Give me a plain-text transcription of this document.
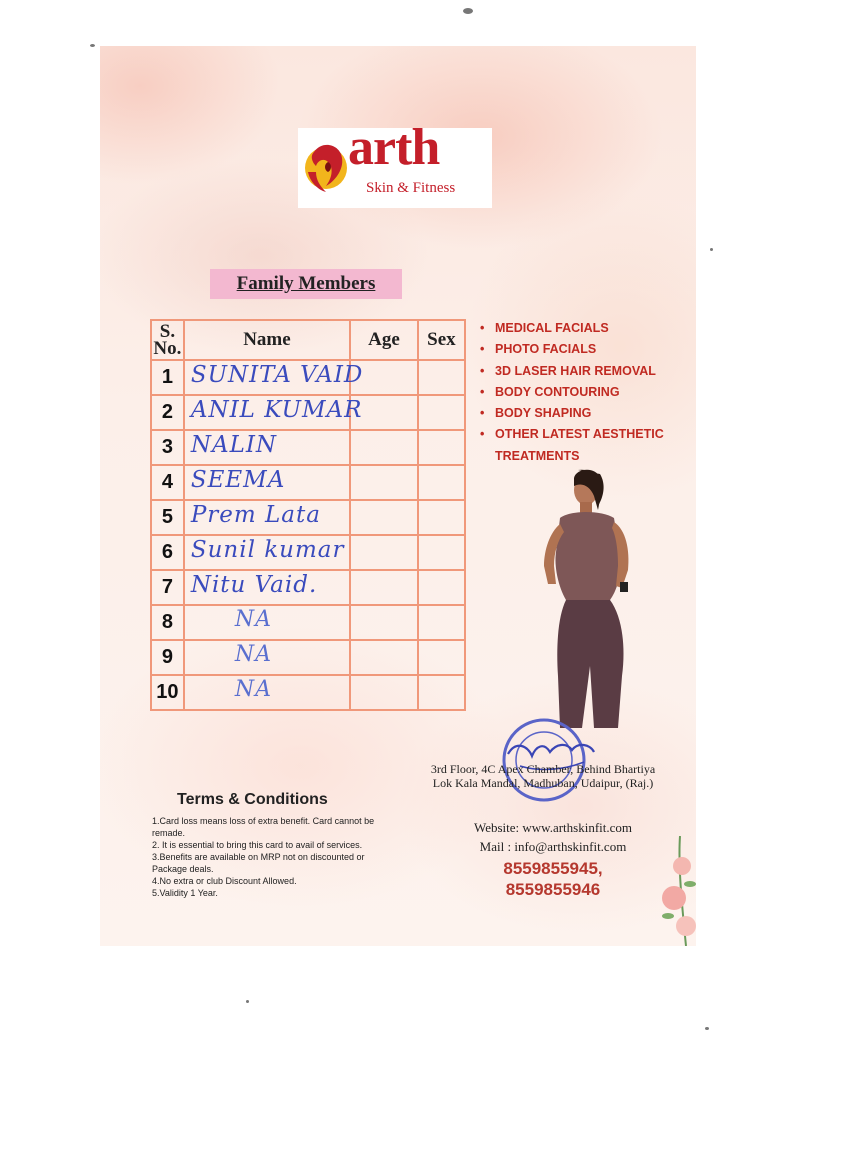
arth
Skin & Fitness
Family Members
S. No.	Name	Age	Sex
1	SUNITA VAID		

2	ANIL KUMAR		

3	NALIN		

4	SEEMA		

5	Prem Lata		

6	Sunil kumar		

7	Nitu Vaid.		

8	NA		

9	NA		

10	NA		

• MEDICAL FACIALS
• PHOTO FACIALS
• 3D LASER HAIR REMOVAL
• BODY CONTOURING
• BODY SHAPING
• OTHER LATEST AESTHETIC TREATMENTS
3rd Floor, 4C Apex Chamber, Behind Bhartiya Lok Kala Mandal, Madhuban, Udaipur, (Raj.)
Website: www.arthskinfit.com
Mail : info@arthskinfit.com
8559855945,
8559855946
Terms & Conditions
1.Card loss means loss of extra benefit. Card cannot be remade.
2. It is essential to bring this card to avail of services.
3.Benefits are available on MRP not on discounted or Package deals.
4.No extra or club Discount Allowed.
5.Validity 1 Year.
